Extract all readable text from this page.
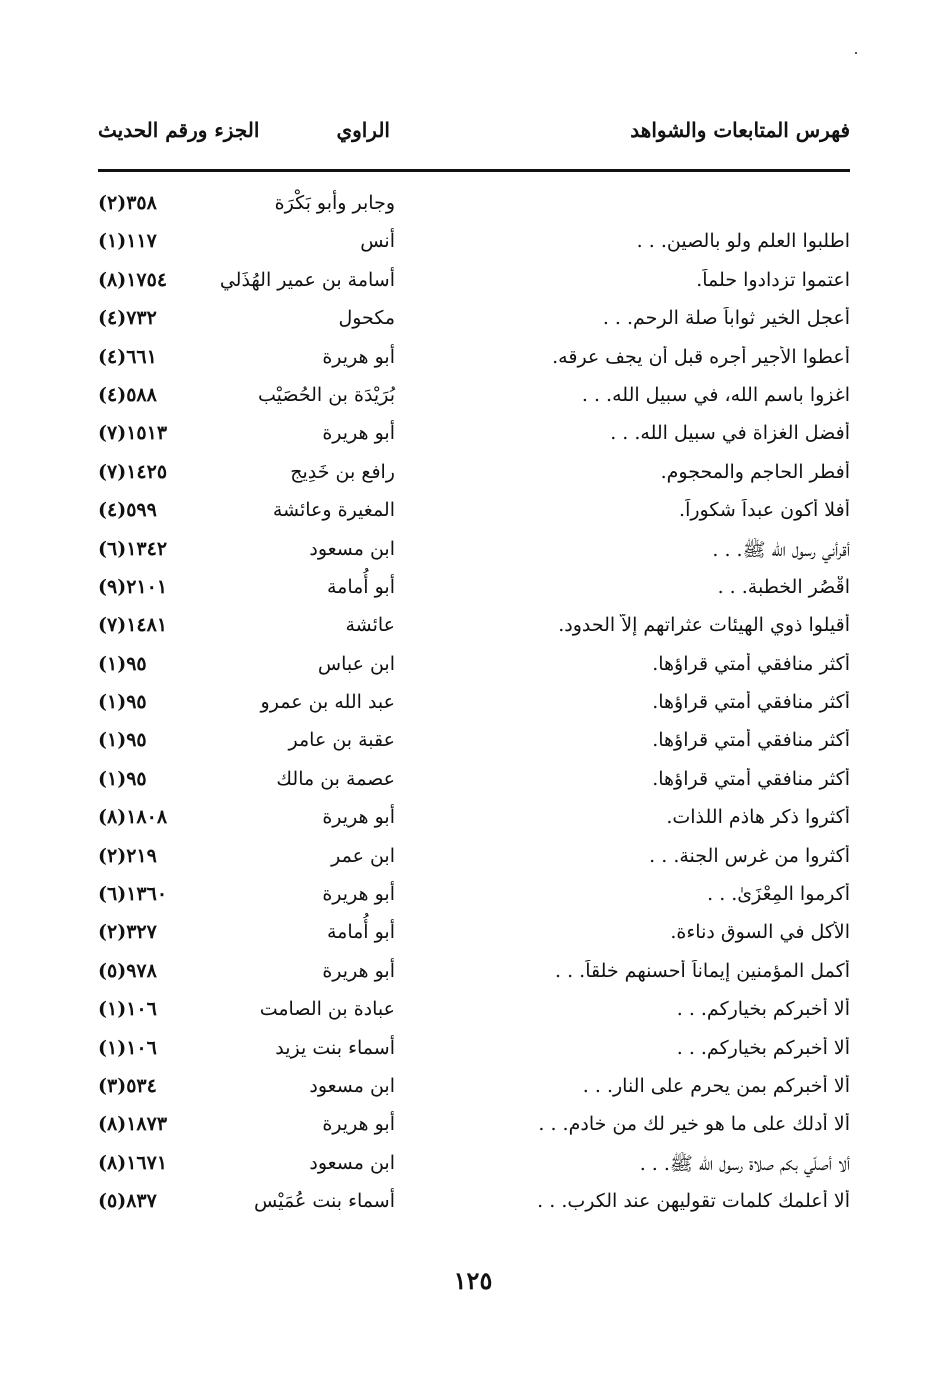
فهرس المتابعات والشواهد
الراوي
الجزء ورقم الحديث
وجابر وأبو بَكْرَة
٣٥٨(٢)
اطلبوا العلم ولو بالصين. . .
أنس
١١٧(١)
اعتموا تزدادوا حلماً.
أسامة بن عمير الهُذَلي
١٧٥٤(٨)
أعجل الخير ثواباً صلة الرحم. . .
مكحول
٧٣٢(٤)
أعطوا الأجير أجره قبل أن يجف عرقه.
أبو هريرة
٦٦١(٤)
اغزوا باسم الله، في سبيل الله. . .
بُرَيْدَة بن الحُصَيْب
٥٨٨(٤)
أفضل الغزاة في سبيل الله. . .
أبو هريرة
١٥١٣(٧)
أفطر الحاجم والمحجوم.
رافع بن خَدِيج
١٤٢٥(٧)
أفلا أكون عبداً شكوراً.
المغيرة وعائشة
٥٩٩(٤)
أقرأني رسول الله ﷺ. . .
ابن مسعود
١٣٤٢(٦)
اقْصُرِ الخطبة. . .
أبو أُمامة
٢١٠١(٩)
أقيلوا ذوي الهيئات عثراتهم إلاّ الحدود.
عائشة
١٤٨١(٧)
أكثر منافقي أمتي قراؤها.
ابن عباس
٩٥(١)
أكثر منافقي أمتي قراؤها.
عبد الله بن عمرو
٩٥(١)
أكثر منافقي أمتي قراؤها.
عقبة بن عامر
٩٥(١)
أكثر منافقي أمتي قراؤها.
عصمة بن مالك
٩٥(١)
أكثروا ذكر هاذم اللذات.
أبو هريرة
١٨٠٨(٨)
أكثروا من غرس الجنة. . .
ابن عمر
٢١٩(٢)
أكرموا المِعْزَىٰ. . .
أبو هريرة
١٣٦٠(٦)
الأكل في السوق دناءة.
أبو أُمامة
٣٢٧(٢)
أكمل المؤمنين إيماناً أحسنهم خلقاً. . .
أبو هريرة
٩٧٨(٥)
ألا أخبركم بخياركم. . .
عبادة بن الصامت
١٠٦(١)
ألا أخبركم بخياركم. . .
أسماء بنت يزيد
١٠٦(١)
ألا أخبركم بمن يحرم على النار. . .
ابن مسعود
٥٣٤(٣)
ألا أدلك على ما هو خير لك من خادم. . .
أبو هريرة
١٨٧٣(٨)
ألا أصلّي بكم صلاة رسول الله ﷺ. . .
ابن مسعود
١٦٧١(٨)
ألا أعلمك كلمات تقوليهن عند الكرب. . .
أسماء بنت عُمَيْس
٨٣٧(٥)
١٢٥
